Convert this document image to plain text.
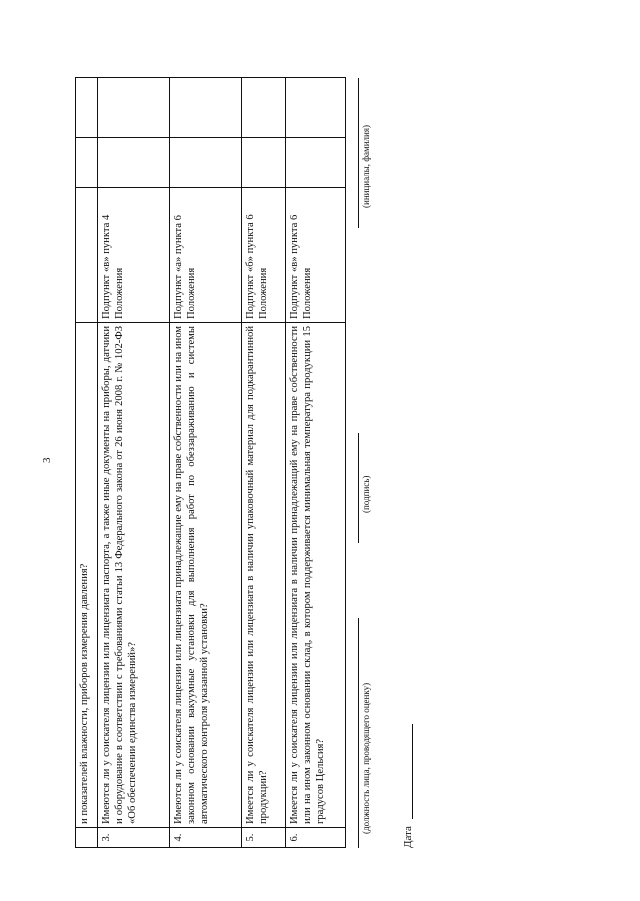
3
	и показателей влажности, приборов измерения давления?			
3.	Имеются ли у соискателя лицензии или лицензиата паспорта, а также иные документы на приборы, датчики и оборудование в соответствии с требованиями статьи 13 Федерального закона от 26 июня 2008 г. № 102-ФЗ «Об обеспечении единства измерений»?	Подпункт «в» пункта 4 Положения		
4.	Имеются ли у соискателя лицензии или лицензиата принадлежащие ему на праве собственности или на ином законном основании вакуумные установки для выполнения работ по обеззараживанию и системы автоматического контроля указанной установки?	Подпункт «а» пункта 6 Положения		
5.	Имеется ли у соискателя лицензии или лицензиата в наличии упаковочный материал для подкарантинной продукции?	Подпункт «б» пункта 6 Положения		
6.	Имеется ли у соискателя лицензии или лицензиата в наличии принадлежащий ему на праве собственности или на ином законном основании склад, в котором поддерживается минимальная температура продукции 15 градусов Цельсия?	Подпункт «в» пункта 6 Положения		
(должность лица, проводящего оценку)
(подпись)
(инициалы, фамилия)
Дата
